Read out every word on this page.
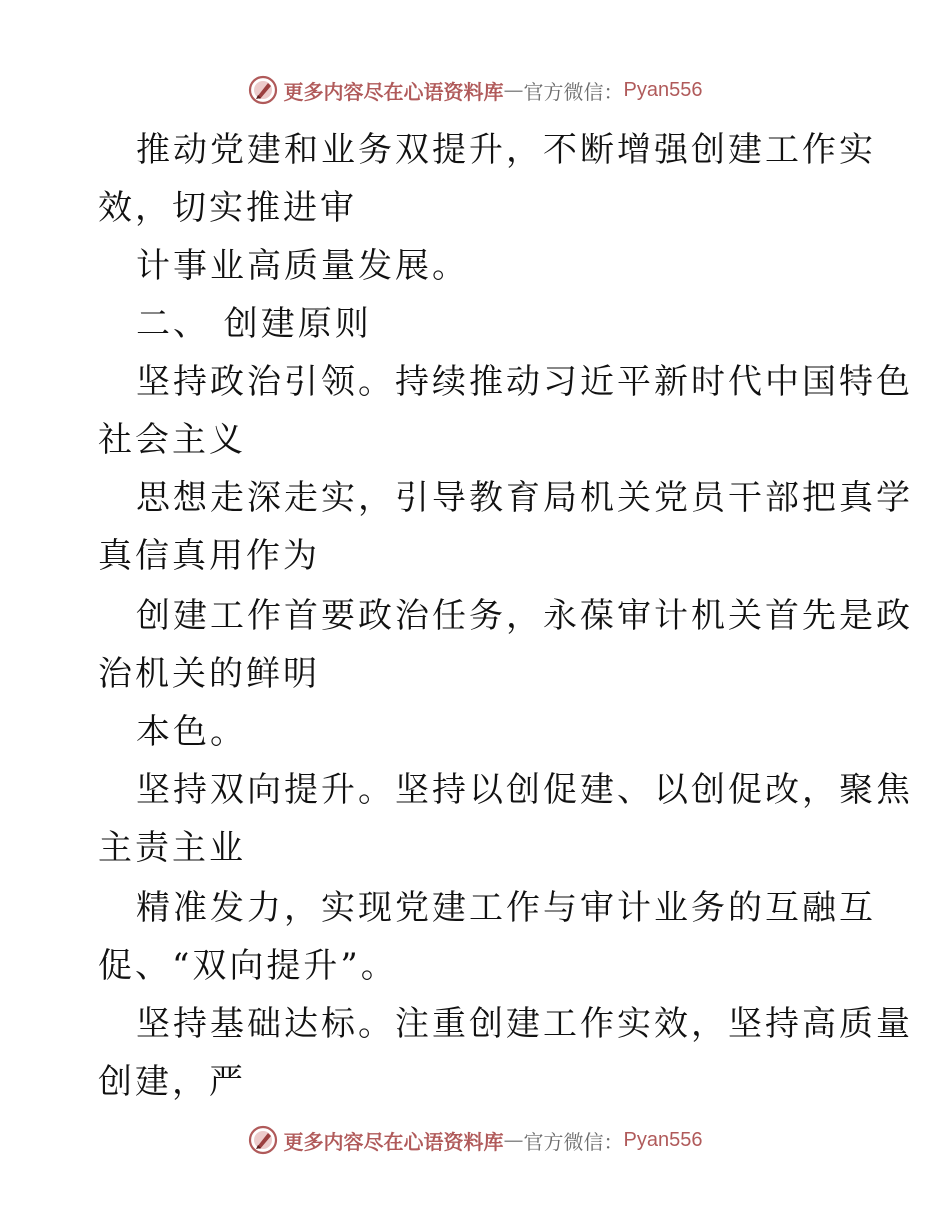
更多内容尽在心语资料库 — 官方微信： Pyan556
推动党建和业务双提升，不断增强创建工作实
效，切实推进审
计事业高质量发展。
二、 创建原则
坚持政治引领。持续推动习近平新时代中国特色
社会主义
思想走深走实，引导教育局机关党员干部把真学
真信真用作为
创建工作首要政治任务，永葆审计机关首先是政
治机关的鲜明
本色。
坚持双向提升。坚持以创促建、以创促改，聚焦
主责主业
精准发力，实现党建工作与审计业务的互融互
促、“双向提升”。
坚持基础达标。注重创建工作实效，坚持高质量
创建，严
更多内容尽在心语资料库 — 官方微信： Pyan556
